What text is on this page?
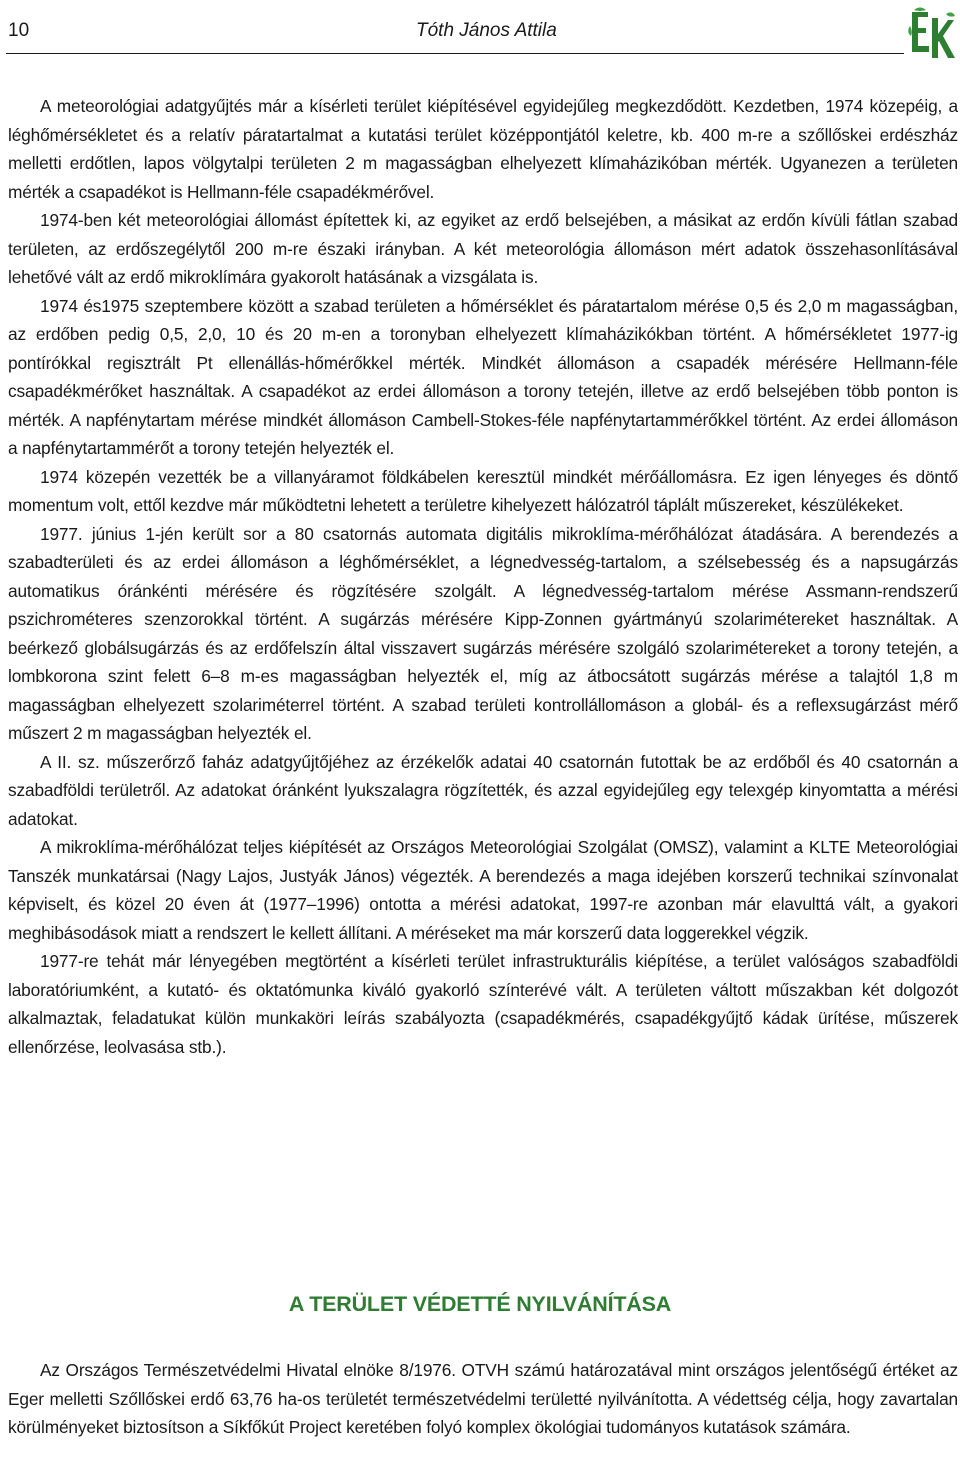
10	Tóth János Attila

A meteorológiai adatgyűjtés már a kísérleti terület kiépítésével egyidejűleg megkezdődött. Kezdetben, 1974 közepéig, a léghőmérsékletet és a relatív páratartalmat a kutatási terület középpontjától keletre, kb. 400 m-re a szőllőskei erdészház melletti erdőtlen, lapos völgytalpi területen 2 m magasságban elhelyezett klímaházikóban mérték. Ugyanezen a területen mérték a csapadékot is Hellmann-féle csapadékmérővel.

1974-ben két meteorológiai állomást építettek ki, az egyiket az erdő belsejében, a másikat az erdőn kívüli fátlan szabad területen, az erdőszegélytől 200 m-re északi irányban. A két meteorológia állomáson mért adatok összehasonlításával lehetővé vált az erdő mikroklímára gyakorolt hatásának a vizsgálata is.

1974 és1975 szeptembere között a szabad területen a hőmérséklet és páratartalom mérése 0,5 és 2,0 m magasságban, az erdőben pedig 0,5, 2,0, 10 és 20 m-en a toronyban elhelyezett klímaházikókban történt. A hőmérsékletet 1977-ig pontírókkal regisztrált Pt ellenállás-hőmérőkkel mérték. Mindkét állomáson a csapadék mérésére Hellmann-féle csapadékmérőket használtak. A csapadékot az erdei állomáson a torony tetején, illetve az erdő belsejében több ponton is mérték. A napfénytartam mérése mindkét állomáson Cambell-Stokes-féle napfénytartammérőkkel történt. Az erdei állomáson a napfénytartammérőt a torony tetején helyezték el.

1974 közepén vezették be a villanyáramot földkábelen keresztül mindkét mérőállomásra. Ez igen lényeges és döntő momentum volt, ettől kezdve már működtetni lehetett a területre kihelyezett hálózatról táplált műszereket, készülékeket.

1977. június 1-jén került sor a 80 csatornás automata digitális mikroklíma-mérőhálózat átadására. A berendezés a szabadterületi és az erdei állomáson a léghőmérséklet, a légnedvesség-tartalom, a szélsebesség és a napsugárzás automatikus óránkénti mérésére és rögzítésére szolgált. A légnedvesség-tartalom mérése Assmann-rendszerű pszichrométeres szenzorokkal történt. A sugárzás mérésére Kipp-Zonnen gyártmányú szolarimétereket használtak. A beérkező globálsugárzás és az erdőfelszín által visszavert sugárzás mérésére szolgáló szolarimétereket a torony tetején, a lombkorona szint felett 6–8 m-es magasságban helyezték el, míg az átbocsátott sugárzás mérése a talajtól 1,8 m magasságban elhelyezett szolariméterrel történt. A szabad területi kontrollállomáson a globál- és a reflexsugárzást mérő műszert 2 m magasságban helyezték el.

A II. sz. műszerőrző faház adatgyűjtőjéhez az érzékelők adatai 40 csatornán futottak be az erdőből és 40 csatornán a szabadföldi területről. Az adatokat óránként lyukszalagra rögzítették, és azzal egyidejűleg egy telexgép kinyomtatta a mérési adatokat.

A mikroklíma-mérőhálózat teljes kiépítését az Országos Meteorológiai Szolgálat (OMSZ), valamint a KLTE Meteorológiai Tanszék munkatársai (Nagy Lajos, Justyák János) végezték. A berendezés a maga idejében korszerű technikai színvonalat képviselt, és közel 20 éven át (1977–1996) ontotta a mérési adatokat, 1997-re azonban már elavulttá vált, a gyakori meghibásodások miatt a rendszert le kellett állítani. A méréseket ma már korszerű data loggerekkel végzik.

1977-re tehát már lényegében megtörtént a kísérleti terület infrastrukturális kiépítése, a terület valóságos szabadföldi laboratóriumként, a kutató- és oktatómunka kiváló gyakorló színterévé vált. A területen váltott műszakban két dolgozót alkalmaztak, feladatukat külön munkaköri leírás szabályozta (csapadékmérés, csapadékgyűjtő kádak ürítése, műszerek ellenőrzése, leolvasása stb.).

A TERÜLET VÉDETTÉ NYILVÁNÍTÁSA

Az Országos Természetvédelmi Hivatal elnöke 8/1976. OTVH számú határozatával mint országos jelentőségű értéket az Eger melletti Szőllőskei erdő 63,76 ha-os területét természetvédelmi területté nyilvánította. A védettség célja, hogy zavartalan körülményeket biztosítson a Síkfőkút Project keretében folyó komplex ökológiai tudományos kutatások számára.
